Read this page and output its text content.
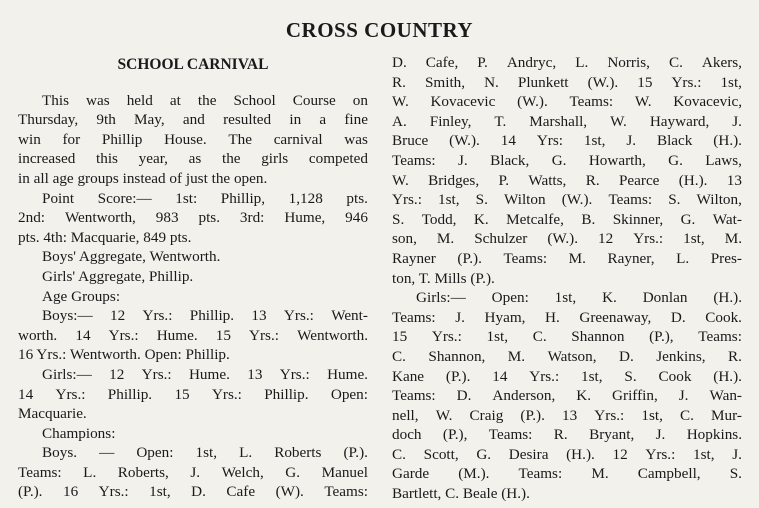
CROSS COUNTRY
SCHOOL CARNIVAL
This was held at the School Course on
Thursday, 9th May, and resulted in a fine
win for Phillip House. The carnival was
increased this year, as the girls competed
in all age groups instead of just the open.
Point Score:— 1st: Phillip, 1,128 pts.
2nd: Wentworth, 983 pts. 3rd: Hume, 946
pts. 4th: Macquarie, 849 pts.
Boys' Aggregate, Wentworth.
Girls' Aggregate, Phillip.
Age Groups:
Boys:— 12 Yrs.: Phillip. 13 Yrs.: Went-
worth. 14 Yrs.: Hume. 15 Yrs.: Wentworth.
16 Yrs.: Wentworth. Open: Phillip.
Girls:— 12 Yrs.: Hume. 13 Yrs.: Hume.
14 Yrs.: Phillip. 15 Yrs.: Phillip. Open:
Macquarie.
Champions:
Boys. — Open: 1st, L. Roberts (P.).
Teams: L. Roberts, J. Welch, G. Manuel
(P.). 16 Yrs.: 1st, D. Cafe (W). Teams:
D. Cafe, P. Andryc, L. Norris, C. Akers,
R. Smith, N. Plunkett (W.). 15 Yrs.: 1st,
W. Kovacevic (W.). Teams: W. Kovacevic,
A. Finley, T. Marshall, W. Hayward, J.
Bruce (W.). 14 Yrs: 1st, J. Black (H.).
Teams: J. Black, G. Howarth, G. Laws,
W. Bridges, P. Watts, R. Pearce (H.). 13
Yrs.: 1st, S. Wilton (W.). Teams: S. Wilton,
S. Todd, K. Metcalfe, B. Skinner, G. Wat-
son, M. Schulzer (W.). 12 Yrs.: 1st, M.
Rayner (P.). Teams: M. Rayner, L. Pres-
ton, T. Mills (P.).
Girls:— Open: 1st, K. Donlan (H.).
Teams: J. Hyam, H. Greenaway, D. Cook.
15 Yrs.: 1st, C. Shannon (P.), Teams:
C. Shannon, M. Watson, D. Jenkins, R.
Kane (P.). 14 Yrs.: 1st, S. Cook (H.).
Teams: D. Anderson, K. Griffin, J. Wan-
nell, W. Craig (P.). 13 Yrs.: 1st, C. Mur-
doch (P.), Teams: R. Bryant, J. Hopkins.
C. Scott, G. Desira (H.). 12 Yrs.: 1st, J.
Garde (M.). Teams: M. Campbell, S.
Bartlett, C. Beale (H.).
